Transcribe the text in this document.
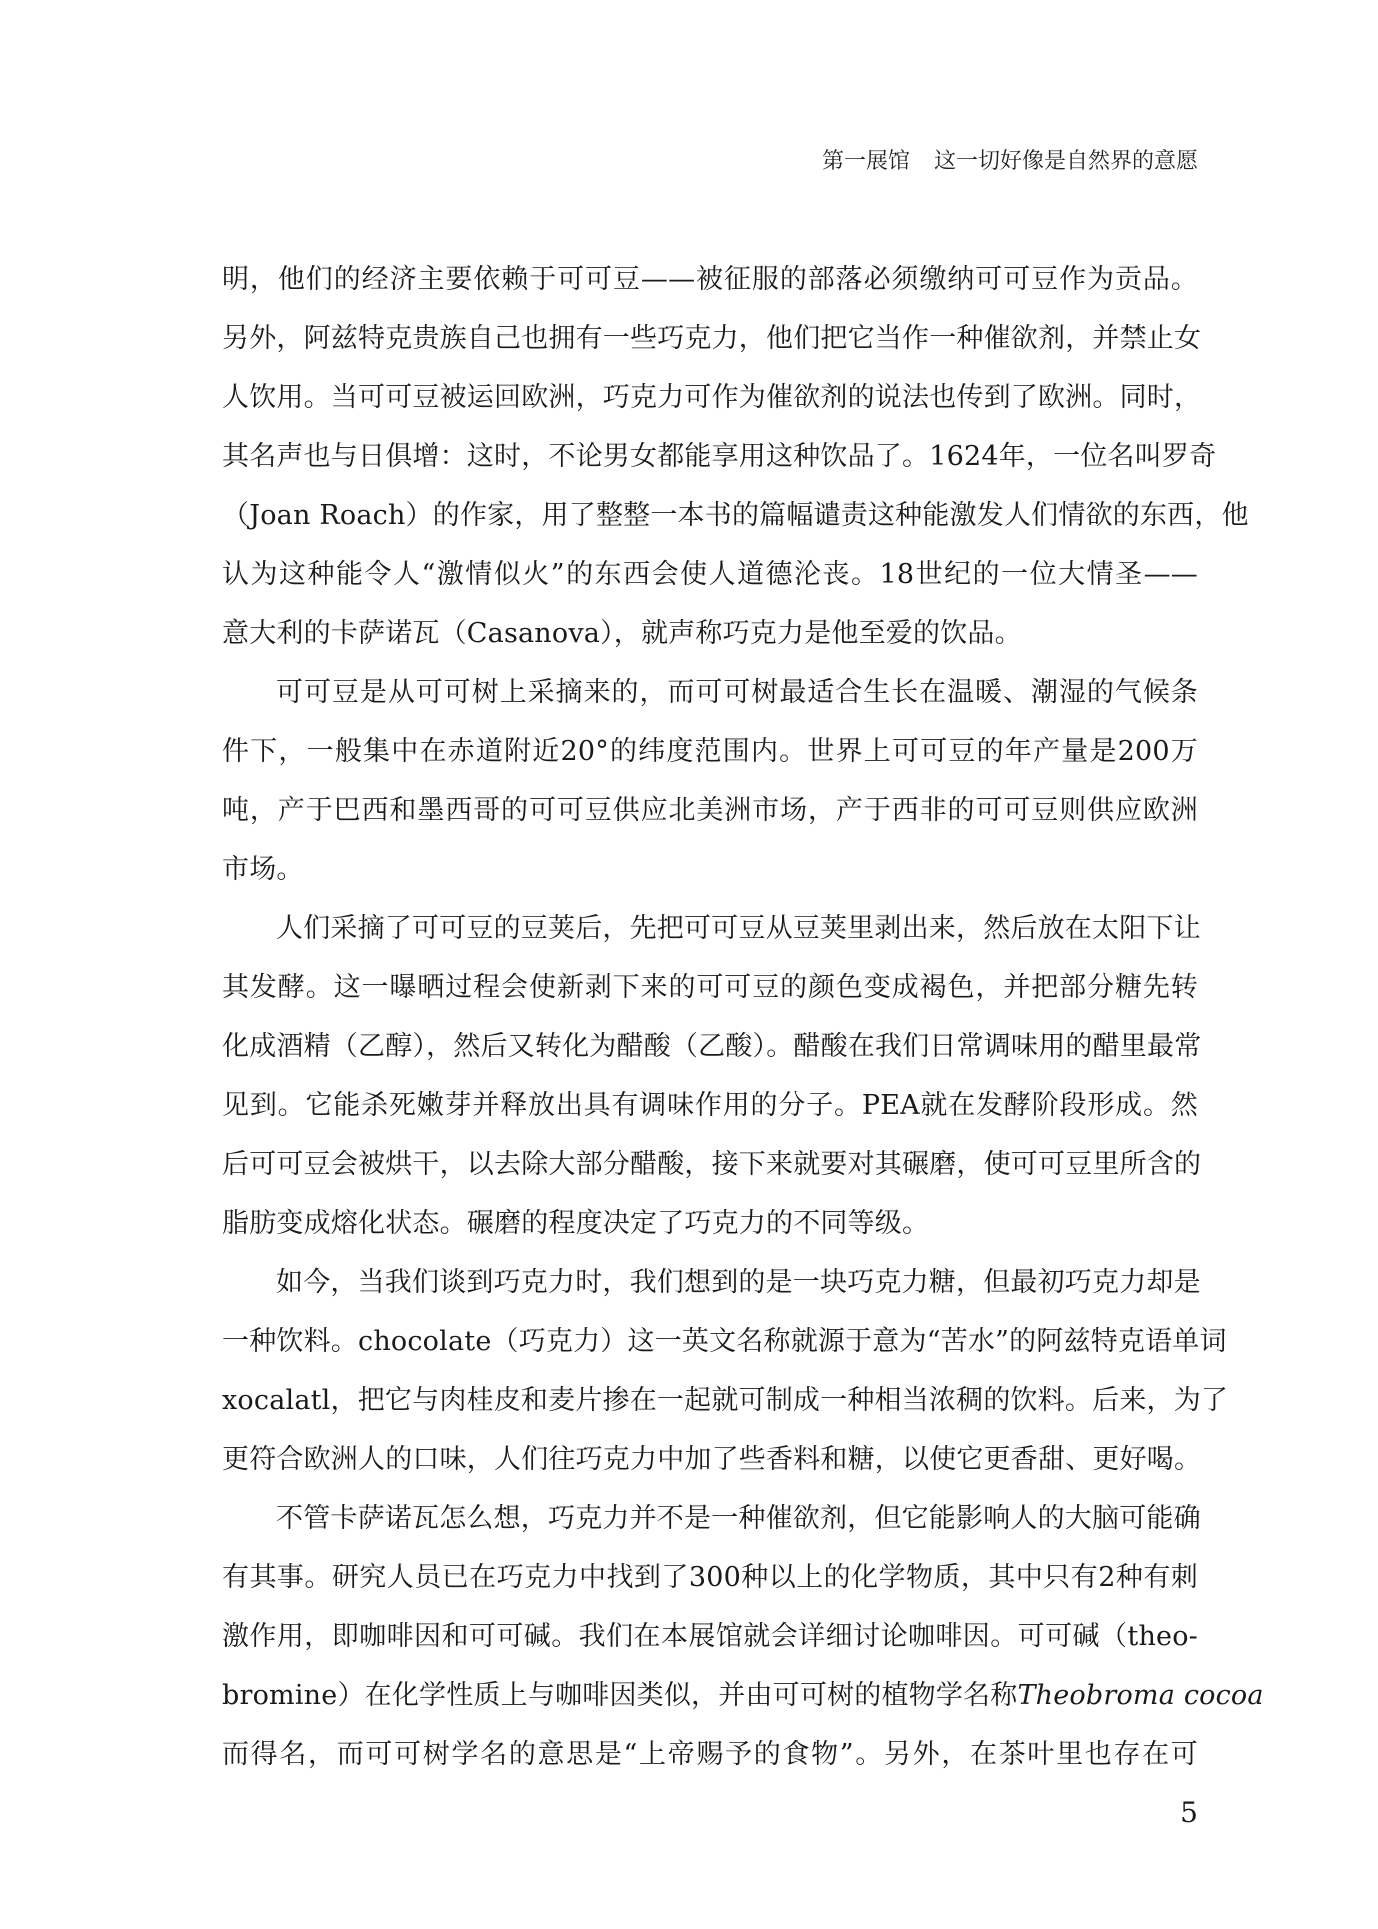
第一展馆 这一切好像是自然界的意愿
明，他们的经济主要依赖于可可豆——被征服的部落必须缴纳可可豆作为贡品。
另外，阿兹特克贵族自己也拥有一些巧克力，他们把它当作一种催欲剂，并禁止女
人饮用。当可可豆被运回欧洲，巧克力可作为催欲剂的说法也传到了欧洲。同时，
其名声也与日俱增：这时，不论男女都能享用这种饮品了。1624年，一位名叫罗奇
（Joan Roach）的作家，用了整整一本书的篇幅谴责这种能激发人们情欲的东西，他
认为这种能令人“激情似火”的东西会使人道德沦丧。18世纪的一位大情圣——
意大利的卡萨诺瓦（Casanova），就声称巧克力是他至爱的饮品。
可可豆是从可可树上采摘来的，而可可树最适合生长在温暖、潮湿的气候条
件下，一般集中在赤道附近20°的纬度范围内。世界上可可豆的年产量是200万
吨，产于巴西和墨西哥的可可豆供应北美洲市场，产于西非的可可豆则供应欧洲
市场。
人们采摘了可可豆的豆荚后，先把可可豆从豆荚里剥出来，然后放在太阳下让
其发酵。这一曝晒过程会使新剥下来的可可豆的颜色变成褐色，并把部分糖先转
化成酒精（乙醇），然后又转化为醋酸（乙酸）。醋酸在我们日常调味用的醋里最常
见到。它能杀死嫩芽并释放出具有调味作用的分子。PEA就在发酵阶段形成。然
后可可豆会被烘干，以去除大部分醋酸，接下来就要对其碾磨，使可可豆里所含的
脂肪变成熔化状态。碾磨的程度决定了巧克力的不同等级。
如今，当我们谈到巧克力时，我们想到的是一块巧克力糖，但最初巧克力却是
一种饮料。chocolate（巧克力）这一英文名称就源于意为“苦水”的阿兹特克语单词
xocalatl，把它与肉桂皮和麦片掺在一起就可制成一种相当浓稠的饮料。后来，为了
更符合欧洲人的口味，人们往巧克力中加了些香料和糖，以使它更香甜、更好喝。
不管卡萨诺瓦怎么想，巧克力并不是一种催欲剂，但它能影响人的大脑可能确
有其事。研究人员已在巧克力中找到了300种以上的化学物质，其中只有2种有刺
激作用，即咖啡因和可可碱。我们在本展馆就会详细讨论咖啡因。可可碱（theo-
bromine）在化学性质上与咖啡因类似，并由可可树的植物学名称Theobroma cocoa
而得名，而可可树学名的意思是“上帝赐予的食物”。另外，在茶叶里也存在可
5
